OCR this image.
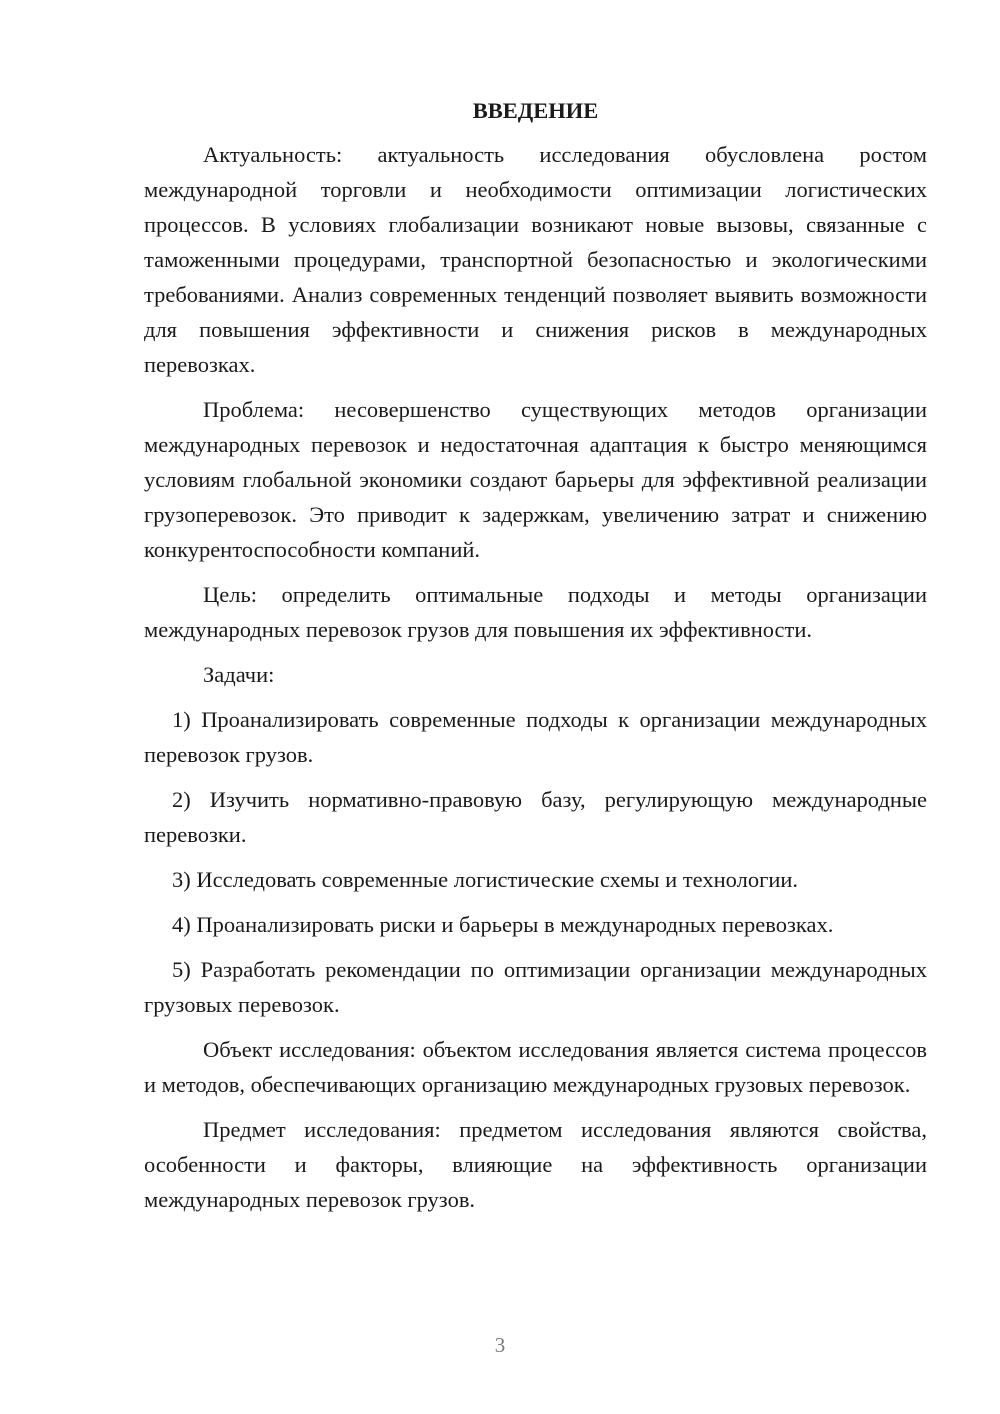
ВВЕДЕНИЕ

Актуальность: актуальность исследования обусловлена ростом международной торговли и необходимости оптимизации логистических процессов. В условиях глобализации возникают новые вызовы, связанные с таможенными процедурами, транспортной безопасностью и экологическими требованиями. Анализ современных тенденций позволяет выявить возможности для повышения эффективности и снижения рисков в международных перевозках.

Проблема: несовершенство существующих методов организации международных перевозок и недостаточная адаптация к быстро меняющимся условиям глобальной экономики создают барьеры для эффективной реализации грузоперевозок. Это приводит к задержкам, увеличению затрат и снижению конкурентоспособности компаний.

Цель: определить оптимальные подходы и методы организации международных перевозок грузов для повышения их эффективности.

Задачи:

1) Проанализировать современные подходы к организации международных перевозок грузов.

2) Изучить нормативно-правовую базу, регулирующую международные перевозки.

3) Исследовать современные логистические схемы и технологии.

4) Проанализировать риски и барьеры в международных перевозках.

5) Разработать рекомендации по оптимизации организации международных грузовых перевозок.

Объект исследования: объектом исследования является система процессов и методов, обеспечивающих организацию международных грузовых перевозок.

Предмет исследования: предметом исследования являются свойства, особенности и факторы, влияющие на эффективность организации международных перевозок грузов.

3
